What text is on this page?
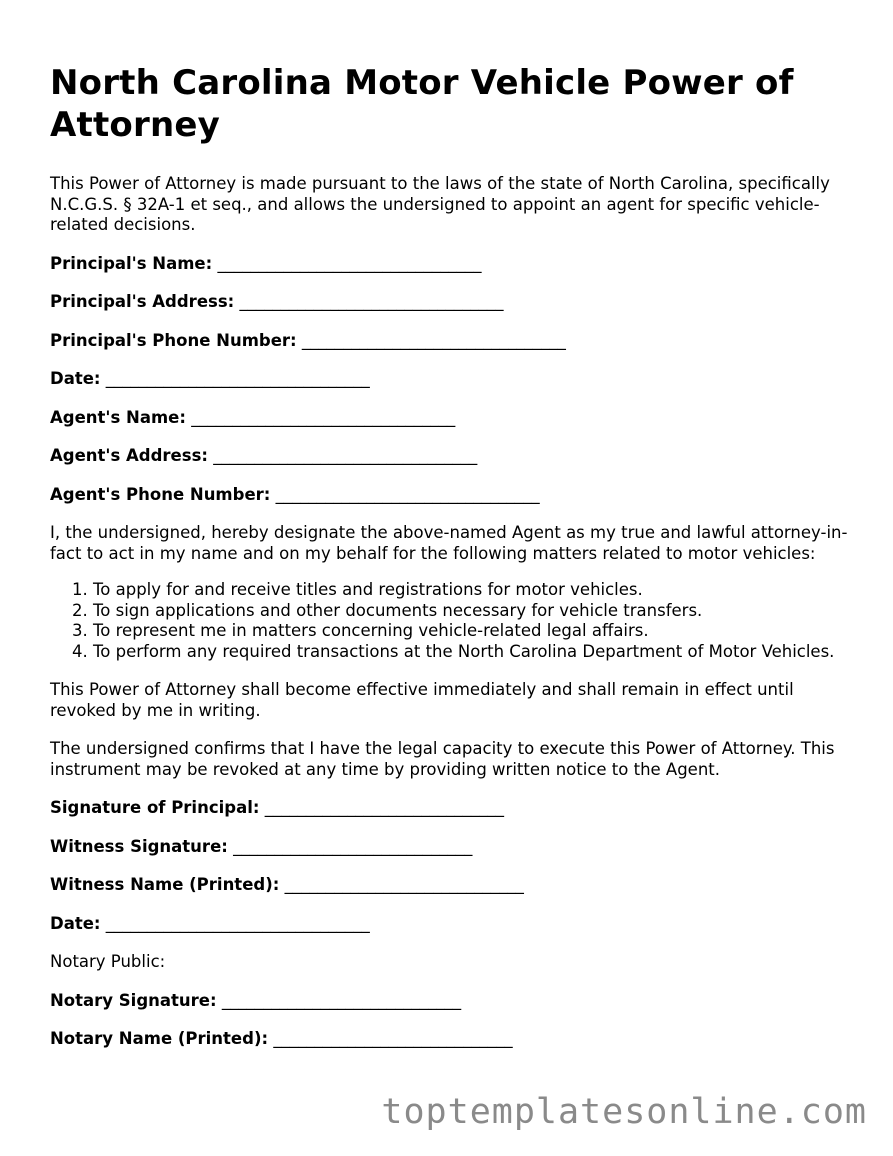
North Carolina Motor Vehicle Power of Attorney

This Power of Attorney is made pursuant to the laws of the state of North Carolina, specifically N.C.G.S. § 32A-1 et seq., and allows the undersigned to appoint an agent for specific vehicle-related decisions.

Principal's Name: ________________________________

Principal's Address: ________________________________

Principal's Phone Number: ________________________________

Date: ________________________________

Agent's Name: ________________________________

Agent's Address: ________________________________

Agent's Phone Number: ________________________________

I, the undersigned, hereby designate the above-named Agent as my true and lawful attorney-in-fact to act in my name and on my behalf for the following matters related to motor vehicles:

1. To apply for and receive titles and registrations for motor vehicles.
2. To sign applications and other documents necessary for vehicle transfers.
3. To represent me in matters concerning vehicle-related legal affairs.
4. To perform any required transactions at the North Carolina Department of Motor Vehicles.

This Power of Attorney shall become effective immediately and shall remain in effect until revoked by me in writing.

The undersigned confirms that I have the legal capacity to execute this Power of Attorney. This instrument may be revoked at any time by providing written notice to the Agent.

Signature of Principal: _____________________________

Witness Signature: _____________________________

Witness Name (Printed): _____________________________

Date: ________________________________

Notary Public:

Notary Signature: _____________________________

Notary Name (Printed): _____________________________

toptemplatesonline.com
